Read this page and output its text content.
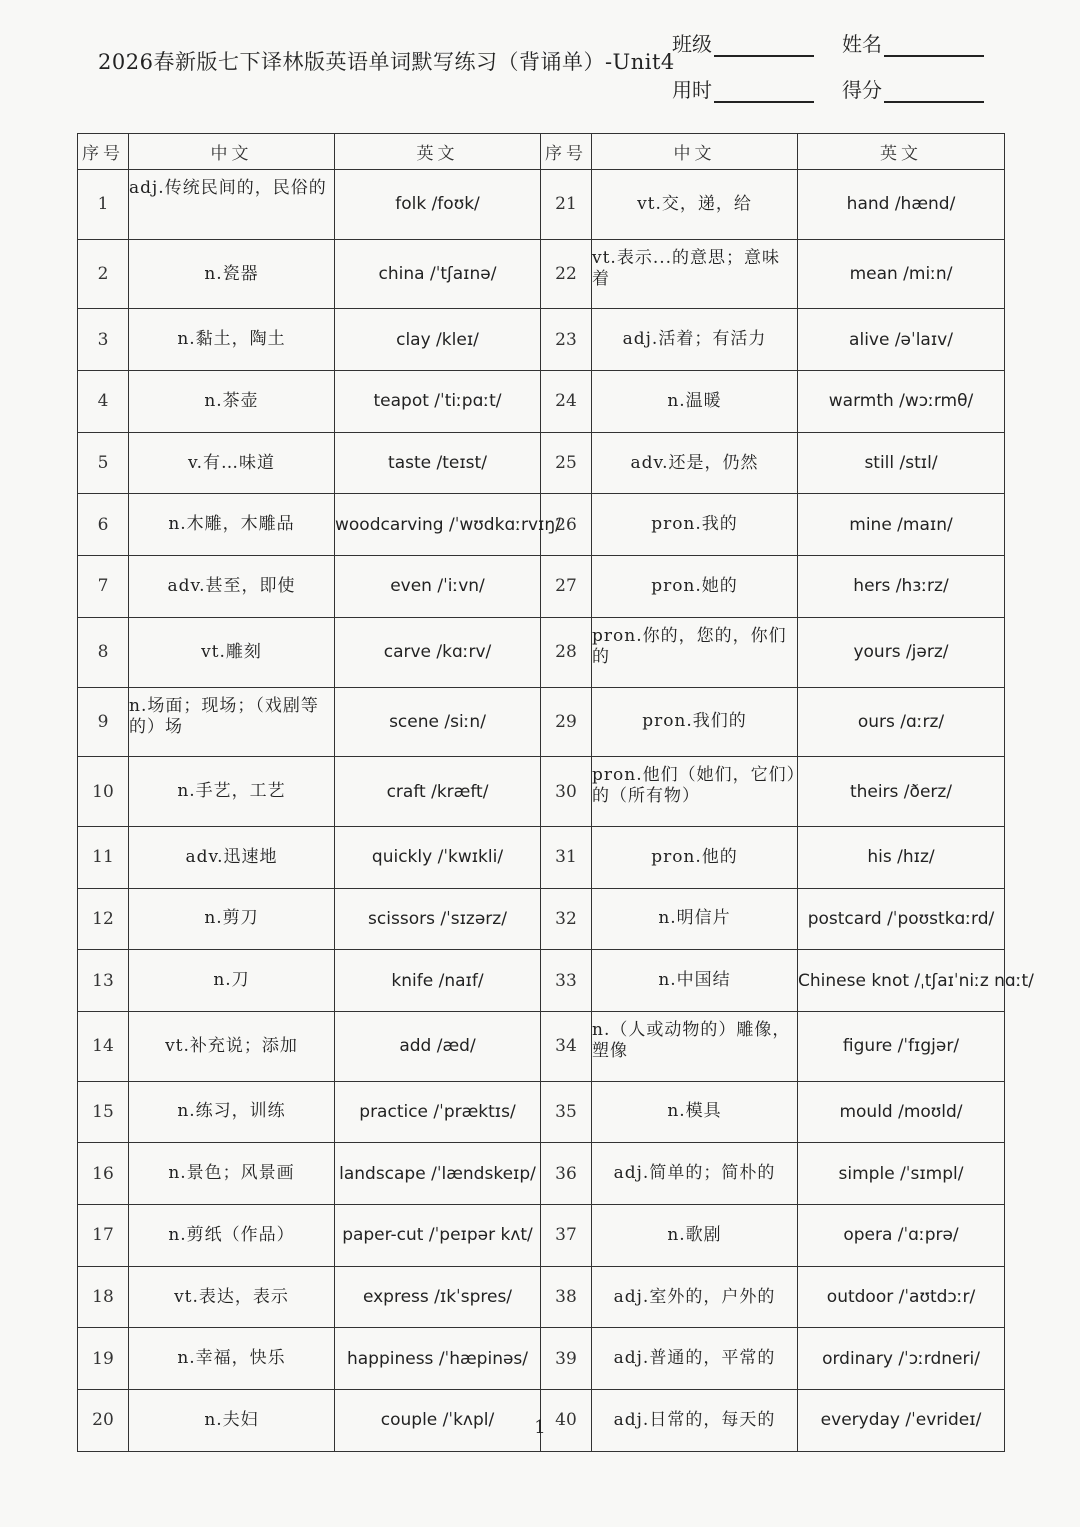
2026春新版七下译林版英语单词默写练习（背诵单）-Unit4
班级	姓名
用时	得分
序号	中文	英文	序号	中文	英文
1	adj.传统民间的，民俗的	folk /foʊk/	21	vt.交，递，给	hand /hænd/
2	n.瓷器	china /ˈtʃaɪnə/	22	vt.表示...的意思；意味着	mean /miːn/
3	n.黏土，陶土	clay /kleɪ/	23	adj.活着；有活力	alive /əˈlaɪv/
4	n.茶壶	teapot /ˈtiːpɑːt/	24	n.温暖	warmth /wɔːrmθ/
5	v.有…味道	taste /teɪst/	25	adv.还是，仍然	still /stɪl/
6	n.木雕，木雕品	woodcarving /ˈwʊdkɑːrvɪŋ/	26	pron.我的	mine /maɪn/
7	adv.甚至，即使	even /ˈiːvn/	27	pron.她的	hers /hɜːrz/
8	vt.雕刻	carve /kɑːrv/	28	pron.你的，您的，你们的	yours /jərz/
9	n.场面；现场；（戏剧等的）场	scene /siːn/	29	pron.我们的	ours /ɑːrz/
10	n.手艺，工艺	craft /kræft/	30	pron.他们（她们，它们）的（所有物）	theirs /ðerz/
11	adv.迅速地	quickly /ˈkwɪkli/	31	pron.他的	his /hɪz/
12	n.剪刀	scissors /ˈsɪzərz/	32	n.明信片	postcard /ˈpoʊstkɑːrd/
13	n.刀	knife /naɪf/	33	n.中国结	Chinese knot /ˌtʃaɪˈniːz nɑːt/
14	vt.补充说；添加	add /æd/	34	n.（人或动物的）雕像，塑像	figure /ˈfɪgjər/
15	n.练习，训练	practice /ˈpræktɪs/	35	n.模具	mould /moʊld/
16	n.景色；风景画	landscape /ˈlændskeɪp/	36	adj.简单的；简朴的	simple /ˈsɪmpl/
17	n.剪纸（作品）	paper-cut /ˈpeɪpər kʌt/	37	n.歌剧	opera /ˈɑːprə/
18	vt.表达，表示	express /ɪkˈspres/	38	adj.室外的，户外的	outdoor /ˈaʊtdɔːr/
19	n.幸福，快乐	happiness /ˈhæpinəs/	39	adj.普通的，平常的	ordinary /ˈɔːrdneri/
20	n.夫妇	couple /ˈkʌpl/	40	adj.日常的，每天的	everyday /ˈevrideɪ/
1
